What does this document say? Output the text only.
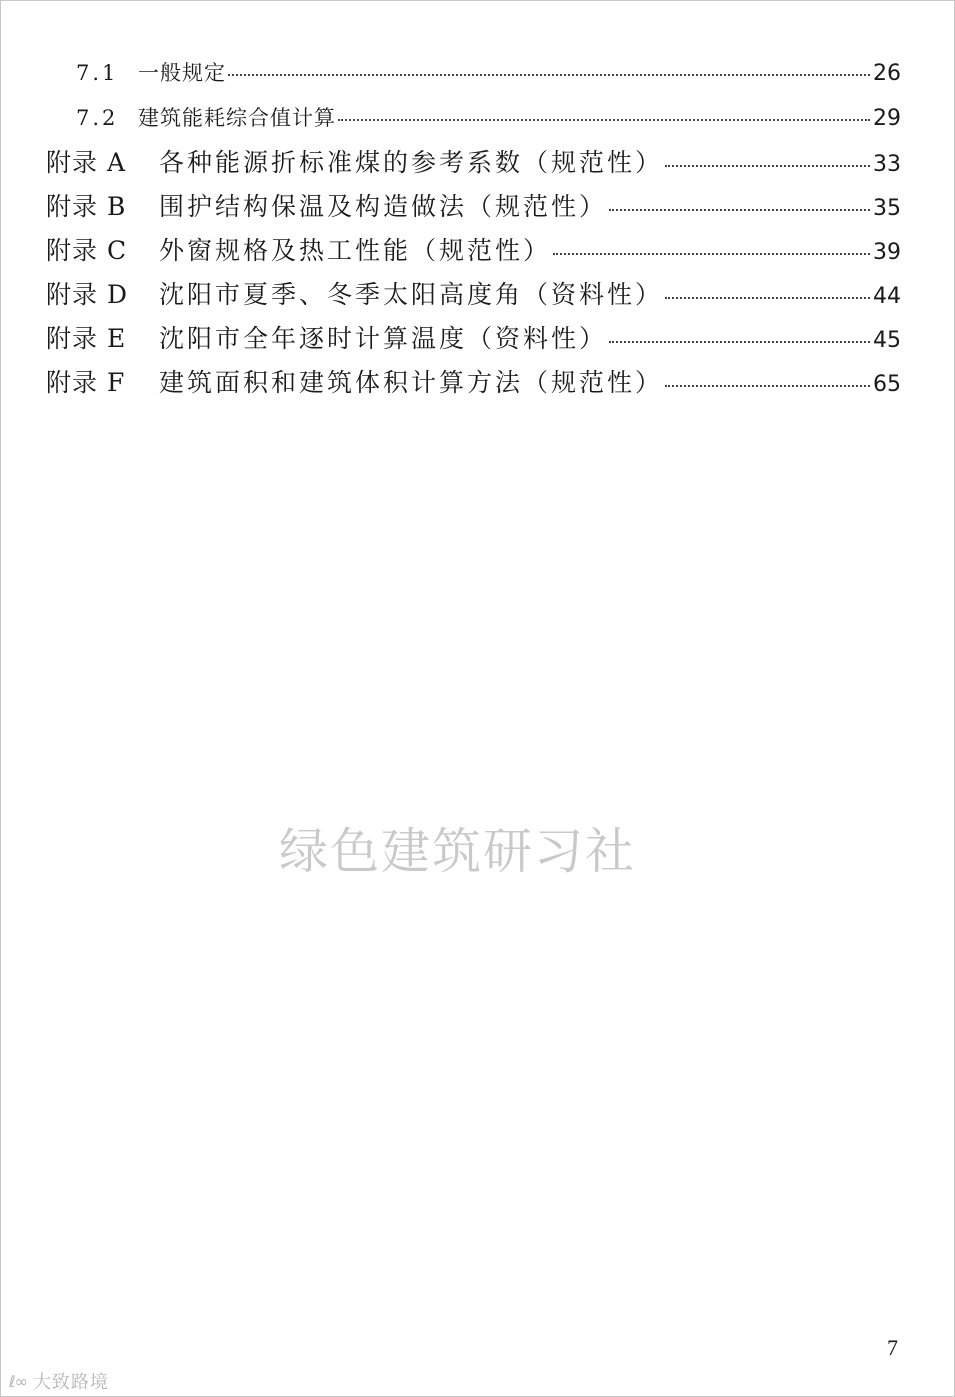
7.1 一般规定	26
7.2 建筑能耗综合值计算	29
附录 A	各种能源折标准煤的参考系数（规范性）	33
附录 B	围护结构保温及构造做法（规范性）	35
附录 C	外窗规格及热工性能（规范性）	39
附录 D	沈阳市夏季、冬季太阳高度角（资料性）	44
附录 E	沈阳市全年逐时计算温度（资料性）	45
附录 F	建筑面积和建筑体积计算方法（规范性）	65
绿色建筑研习社
7
ℓ∞ 大致路境
